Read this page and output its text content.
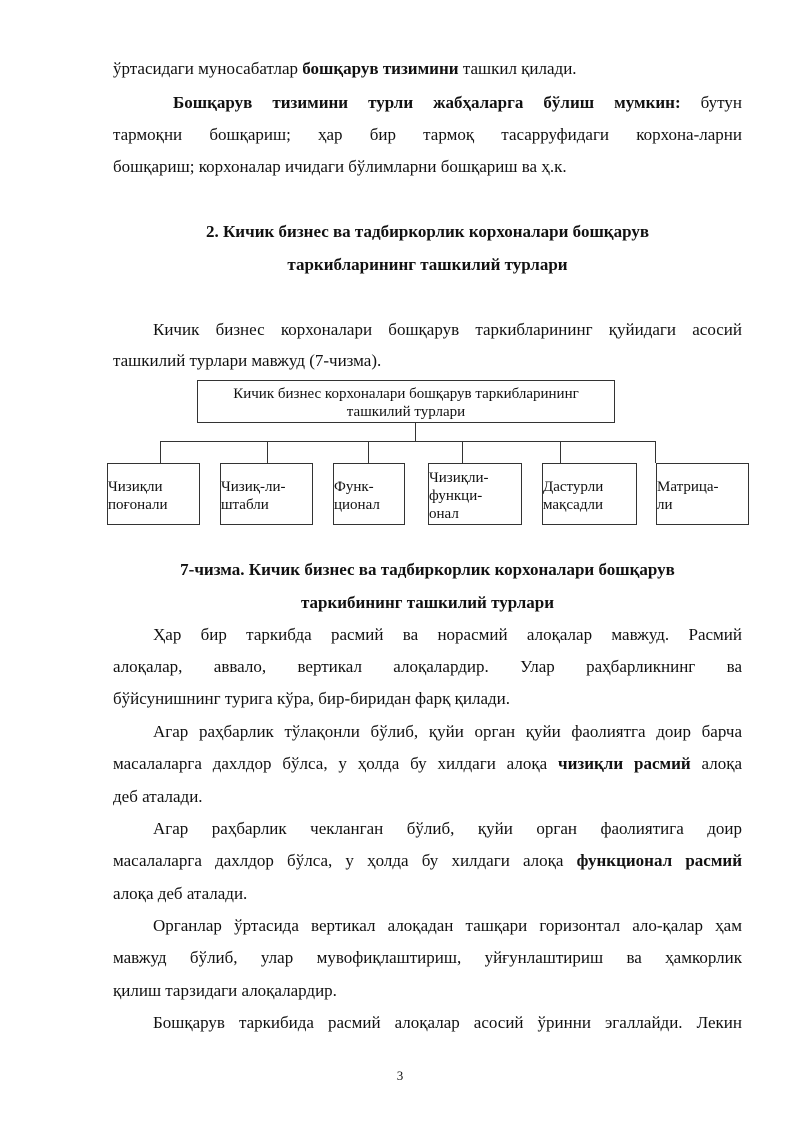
ўртасидаги муносабатлар бошқарув тизимини ташкил қилади.
Бошқарув тизимини турли жабҳаларга бўлиш мумкин: бутун
тармоқни бошқариш; ҳар бир тармоқ тасарруфидаги корхона-ларни
бошқариш; корхоналар ичидаги бўлимларни бошқариш ва ҳ.к.
2. Кичик бизнес ва тадбиркорлик корхоналари бошқарув
таркибларининг ташкилий турлари
Кичик бизнес корхоналари бошқарув таркибларининг қуйидаги асосий
ташкилий турлари мавжуд (7-чизма).
Кичик бизнес корхоналари бошқарув таркибларининг
ташкилий турлари
Чизиқли
поғонали
Чизиқ-ли-
штабли
Функ-
ционал
Чизиқли-
функци-
онал
Дастурли
мақсадли
Матрица-
ли
7-чизма. Кичик бизнес ва тадбиркорлик корхоналари бошқарув
таркибининг ташкилий турлари
Ҳар бир таркибда расмий ва норасмий алоқалар мавжуд. Расмий
алоқалар, аввало, вертикал алоқалардир. Улар раҳбарликнинг ва
бўйсунишнинг турига кўра, бир-биридан фарқ қилади.
Агар раҳбарлик тўлақонли бўлиб, қуйи орган қуйи фаолиятга доир барча
масалаларга дахлдор бўлса, у ҳолда бу хилдаги алоқа чизиқли расмий алоқа
деб аталади.
Агар раҳбарлик чекланган бўлиб, қуйи орган фаолиятига доир
масалаларга дахлдор бўлса, у ҳолда бу хилдаги алоқа функционал расмий
алоқа деб аталади.
Органлар ўртасида вертикал алоқадан ташқари горизонтал ало-қалар ҳам
мавжуд бўлиб, улар мувофиқлаштириш, уйғунлаштириш ва ҳамкорлик
қилиш тарзидаги алоқалардир.
Бошқарув таркибида расмий алоқалар асосий ўринни эгаллайди. Лекин
3
